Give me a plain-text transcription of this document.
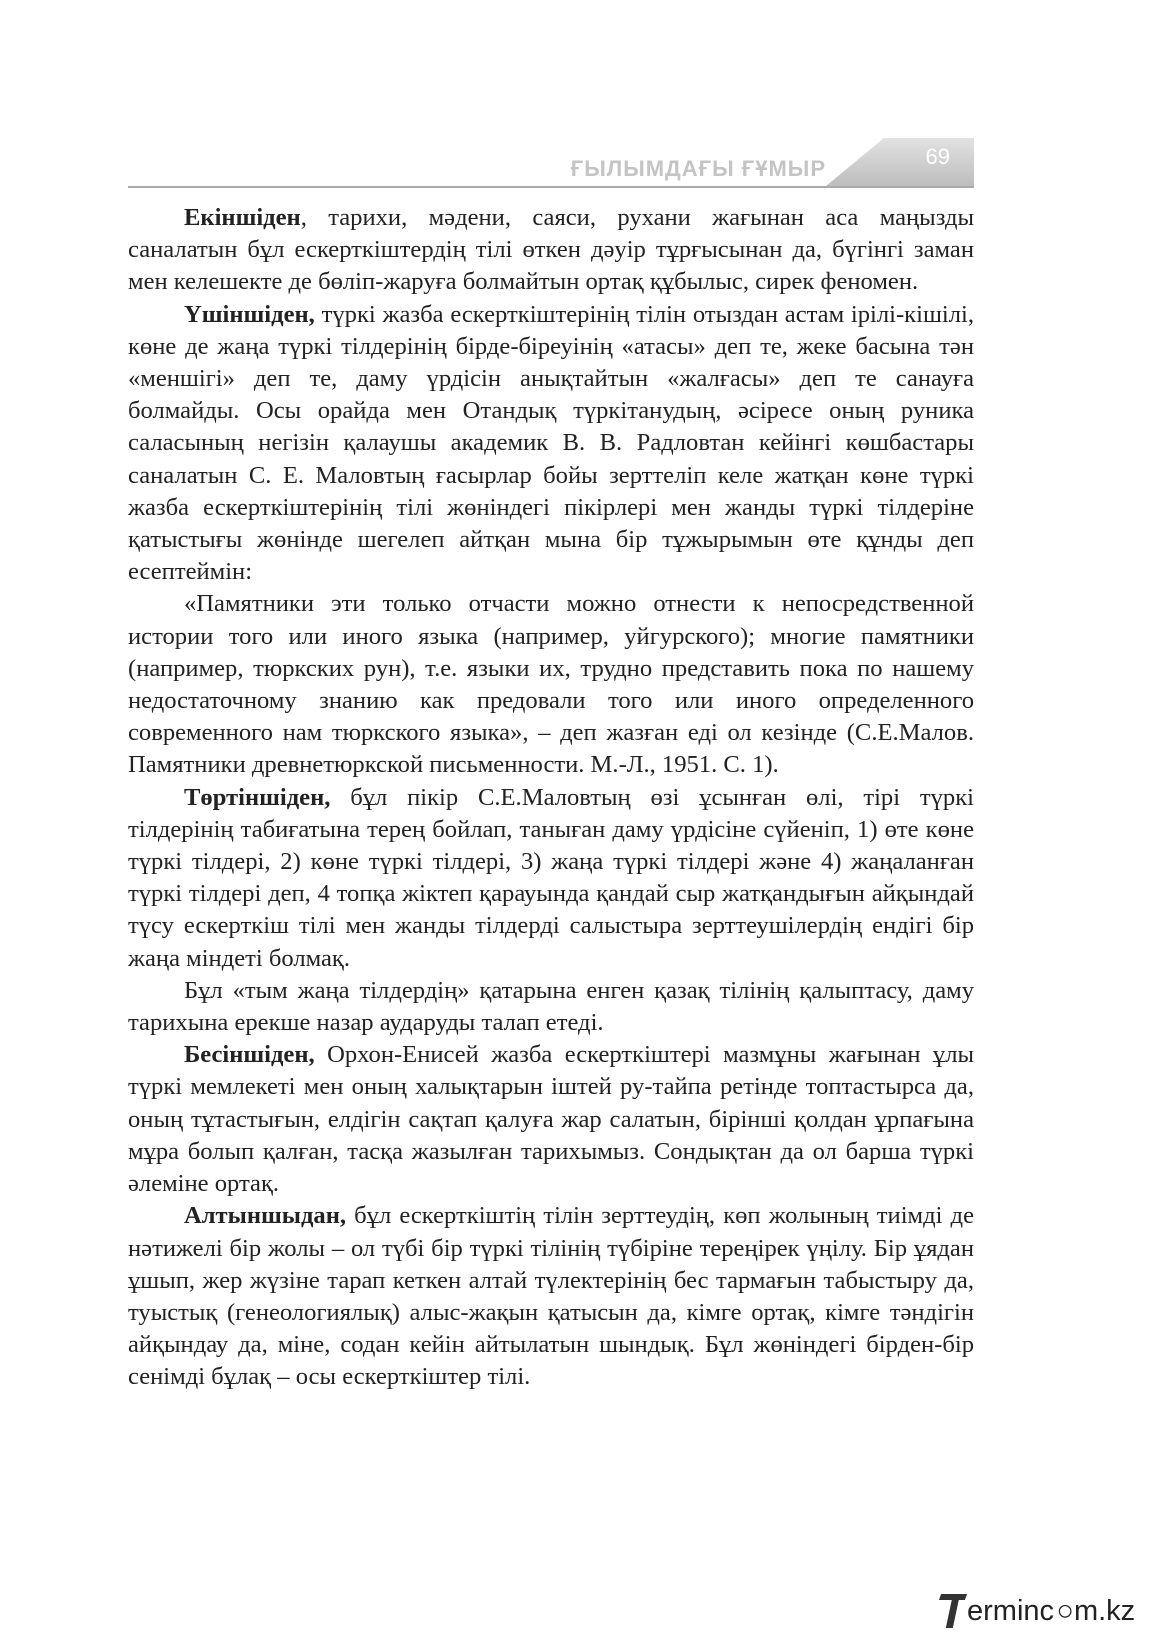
69
ҒЫЛЫМДАҒЫ ҒҰМЫР

Екіншіден, тарихи, мәдени, саяси, рухани жағынан аса маңызды саналатын бұл ескерткіштердің тілі өткен дәуір тұрғысынан да, бүгінгі заман мен келешекте де бөліп-жаруға болмайтын ортақ құбылыс, сирек феномен.

Үшіншіден, түркі жазба ескерткіштерінің тілін отыздан астам ірілі-кішілі, көне де жаңа түркі тілдерінің бірде-біреуінің «атасы» деп те, жеке басына тән «меншігі» деп те, даму үрдісін анықтайтын «жалғасы» деп те санауға болмайды. Осы орайда мен Отандық түркітанудың, әсіресе оның руника саласының негізін қалаушы академик В. В. Радловтан кейінгі көшбастары саналатын С. Е. Маловтың ғасырлар бойы зерттеліп келе жатқан көне түркі жазба ескерткіштерінің тілі жөніндегі пікірлері мен жанды түркі тілдеріне қатыстығы жөнінде шегелеп айтқан мына бір тұжырымын өте құнды деп есептеймін:

«Памятники эти только отчасти можно отнести к непосредственной истории того или иного языка (например, уйгурского); многие памятники (например, тюркских рун), т.е. языки их, трудно представить пока по нашему недостаточному знанию как предовали того или иного определенного современного нам тюркского языка», – деп жазған еді ол кезінде (С.Е.Малов. Памятники древнетюркской письменности. М.-Л., 1951. С. 1).

Төртіншіден, бұл пікір С.Е.Маловтың өзі ұсынған өлі, тірі түркі тілдерінің табиғатына терең бойлап, таныған даму үрдісіне сүйеніп, 1) өте көне түркі тілдері, 2) көне түркі тілдері, 3) жаңа түркі тілдері және 4) жаңаланған түркі тілдері деп, 4 топқа жіктеп қарауында қандай сыр жатқандығын айқындай түсу ескерткіш тілі мен жанды тілдерді салыстыра зерттеушілердің ендігі бір жаңа міндеті болмақ.

Бұл «тым жаңа тілдердің» қатарына енген қазақ тілінің қалыптасу, даму тарихына ерекше назар аударуды талап етеді.

Бесіншіден, Орхон-Енисей жазба ескерткіштері мазмұны жағынан ұлы түркі мемлекеті мен оның халықтарын іштей ру-тайпа ретінде топтастырса да, оның тұтастығын, елдігін сақтап қалуға жар салатын, бірінші қолдан ұрпағына мұра болып қалған, тасқа жазылған тарихымыз. Сондықтан да ол барша түркі әлеміне ортақ.

Алтыншыдан, бұл ескерткіштің тілін зерттеудің, көп жолының тиімді де нәтижелі бір жолы – ол түбі бір түркі тілінің түбіріне тереңірек үңілу. Бір ұядан ұшып, жер жүзіне тарап кеткен алтай түлектерінің бес тармағын табыстыру да, туыстық (генеологиялық) алыс-жақын қатысын да, кімге ортақ, кімге тәндігін айқындау да, міне, содан кейін айтылатын шындық. Бұл жөніндегі бірден-бір сенімді бұлақ – осы ескерткіштер тілі.

erminc ○m.kz
